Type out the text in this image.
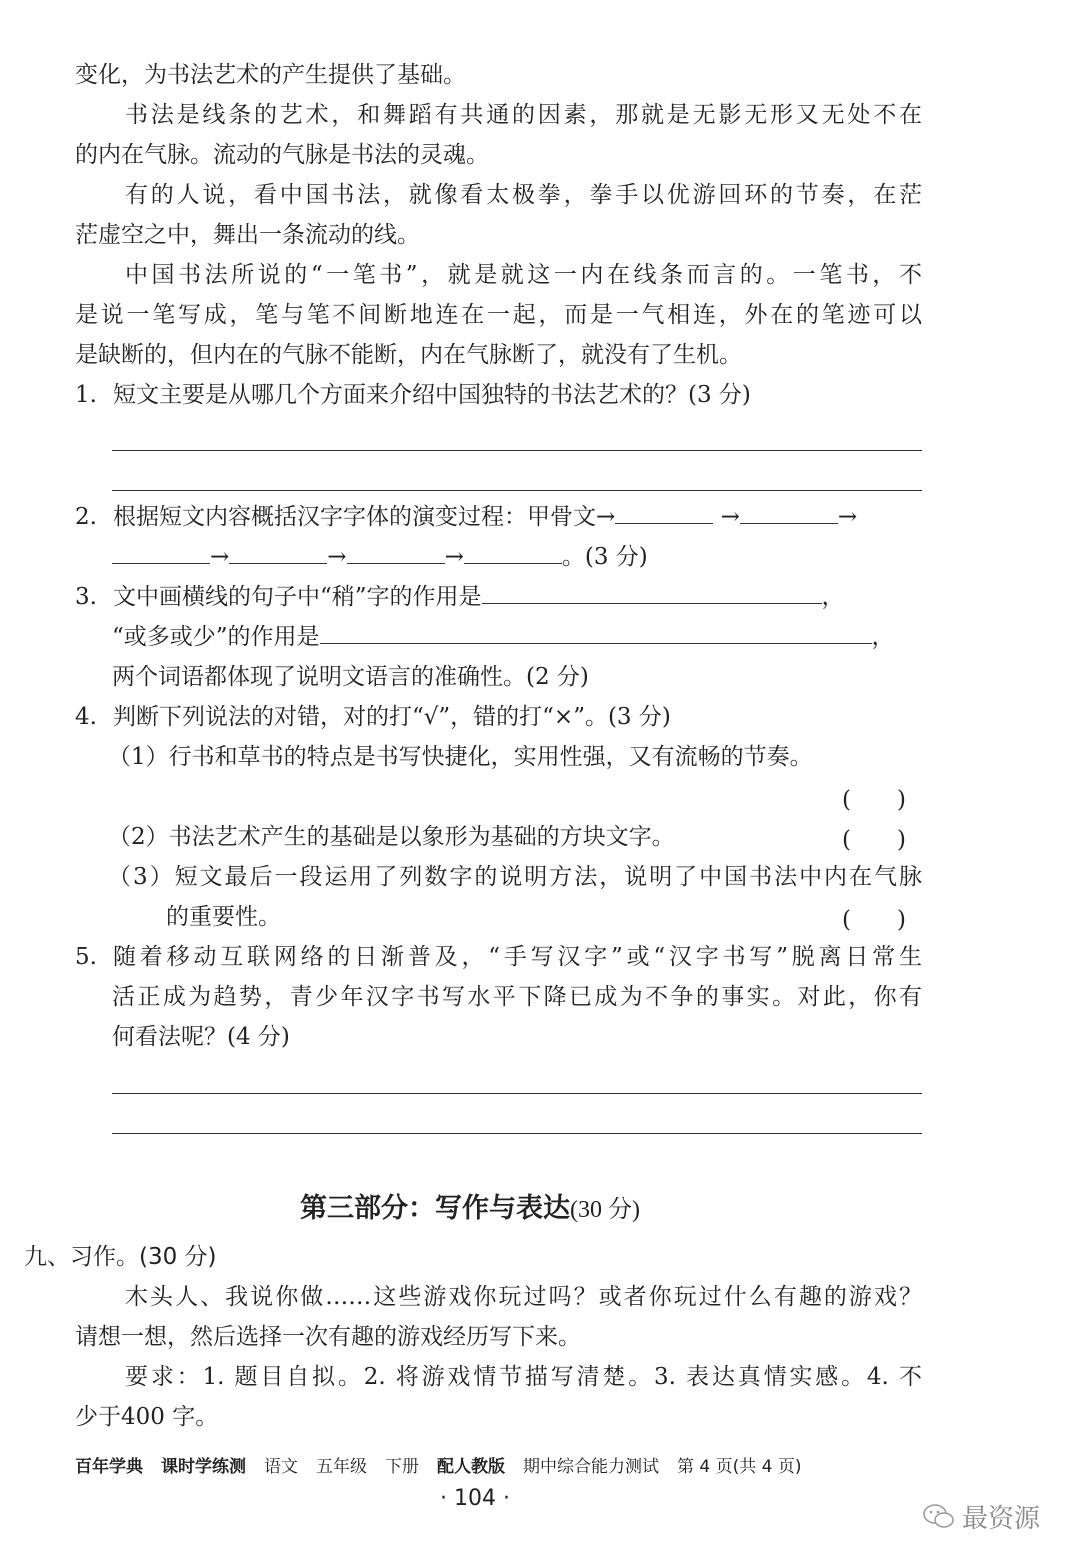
变化，为书法艺术的产生提供了基础。
书法是线条的艺术，和舞蹈有共通的因素，那就是无影无形又无处不在
的内在气脉。流动的气脉是书法的灵魂。
有的人说，看中国书法，就像看太极拳，拳手以优游回环的节奏，在茫
茫虚空之中，舞出一条流动的线。
中国书法所说的“一笔书”，就是就这一内在线条而言的。一笔书，不
是说一笔写成，笔与笔不间断地连在一起，而是一气相连，外在的笔迹可以
是缺断的，但内在的气脉不能断，内在气脉断了，就没有了生机。
1. 短文主要是从哪几个方面来介绍中国独特的书法艺术的？(3 分)
2. 根据短文内容概括汉字字体的演变过程：甲骨文→	→	→
→	→	→	。(3 分)
3. 文中画横线的句子中“稍”字的作用是	，
“或多或少”的作用是	，
两个词语都体现了说明文语言的准确性。(2 分)
4. 判断下列说法的对错，对的打“√”，错的打“×”。(3 分)
（1）行书和草书的特点是书写快捷化，实用性强，又有流畅的节奏。
(　　)
（2）书法艺术产生的基础是以象形为基础的方块文字。	(　　)
（3）短文最后一段运用了列数字的说明方法，说明了中国书法中内在气脉
的重要性。	(　　)
5. 随着移动互联网络的日渐普及，“手写汉字”或“汉字书写”脱离日常生
活正成为趋势，青少年汉字书写水平下降已成为不争的事实。对此，你有
何看法呢？(4 分)
第三部分：写作与表达(30 分)
九、习作。(30 分)
木头人、我说你做……这些游戏你玩过吗？或者你玩过什么有趣的游戏？
请想一想，然后选择一次有趣的游戏经历写下来。
要求：1. 题目自拟。2. 将游戏情节描写清楚。3. 表达真情实感。4. 不
少于400 字。
百年学典 课时学练测 语文 五年级 下册 配人教版 期中综合能力测试 第 4 页(共 4 页)
· 104 ·
最资源
